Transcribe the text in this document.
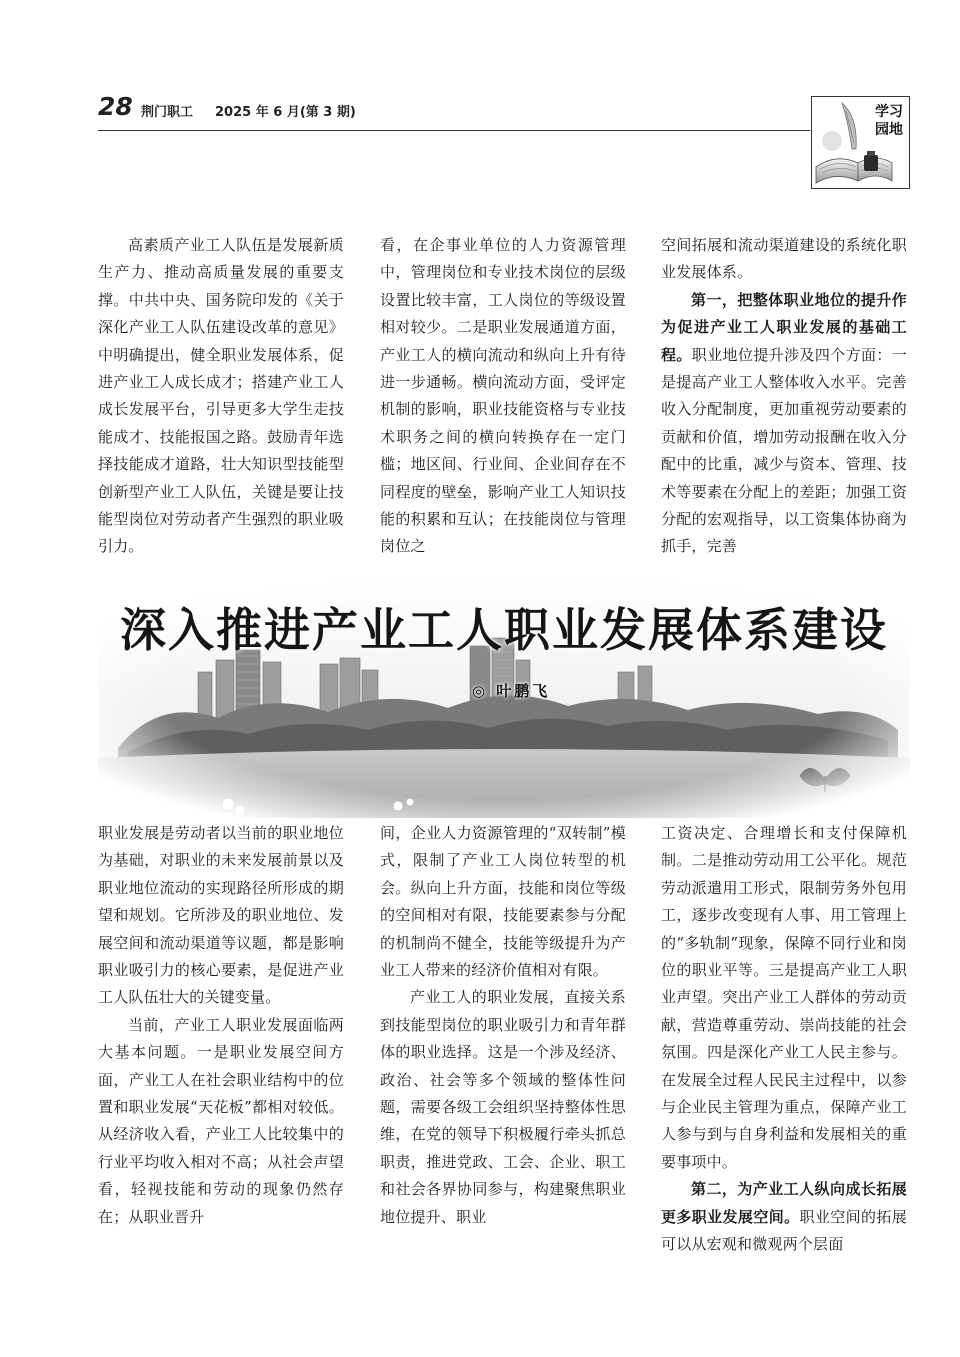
28 荆门职工 2025 年 6 月(第 3 期)	学习
园地

高素质产业工人队伍是发展新质生产力、推动高质量发展的重要支撑。中共中央、国务院印发的《关于深化产业工人队伍建设改革的意见》中明确提出，健全职业发展体系，促进产业工人成长成才；搭建产业工人成长发展平台，引导更多大学生走技能成才、技能报国之路。鼓励青年选择技能成才道路，壮大知识型技能型创新型产业工人队伍，关键是要让技能型岗位对劳动者产生强烈的职业吸引力。

看，在企事业单位的人力资源管理中，管理岗位和专业技术岗位的层级设置比较丰富，工人岗位的等级设置相对较少。二是职业发展通道方面，产业工人的横向流动和纵向上升有待进一步通畅。横向流动方面，受评定机制的影响，职业技能资格与专业技术职务之间的横向转换存在一定门槛；地区间、行业间、企业间存在不同程度的壁垒，影响产业工人知识技能的积累和互认；在技能岗位与管理岗位之

空间拓展和流动渠道建设的系统化职业发展体系。

第一，把整体职业地位的提升作为促进产业工人职业发展的基础工程。职业地位提升涉及四个方面：一是提高产业工人整体收入水平。完善收入分配制度，更加重视劳动要素的贡献和价值，增加劳动报酬在收入分配中的比重，减少与资本、管理、技术等要素在分配上的差距；加强工资分配的宏观指导，以工资集体协商为抓手，完善

深入推进产业工人职业发展体系建设
◎ 叶鹏飞

职业发展是劳动者以当前的职业地位为基础，对职业的未来发展前景以及职业地位流动的实现路径所形成的期望和规划。它所涉及的职业地位、发展空间和流动渠道等议题，都是影响职业吸引力的核心要素，是促进产业工人队伍壮大的关键变量。

当前，产业工人职业发展面临两大基本问题。一是职业发展空间方面，产业工人在社会职业结构中的位置和职业发展“天花板”都相对较低。从经济收入看，产业工人比较集中的行业平均收入相对不高；从社会声望看，轻视技能和劳动的现象仍然存在；从职业晋升

间，企业人力资源管理的“双转制”模式，限制了产业工人岗位转型的机会。纵向上升方面，技能和岗位等级的空间相对有限，技能要素参与分配的机制尚不健全，技能等级提升为产业工人带来的经济价值相对有限。

产业工人的职业发展，直接关系到技能型岗位的职业吸引力和青年群体的职业选择。这是一个涉及经济、政治、社会等多个领域的整体性问题，需要各级工会组织坚持整体性思维，在党的领导下积极履行牵头抓总职责，推进党政、工会、企业、职工和社会各界协同参与，构建聚焦职业地位提升、职业

工资决定、合理增长和支付保障机制。二是推动劳动用工公平化。规范劳动派遣用工形式，限制劳务外包用工，逐步改变现有人事、用工管理上的“多轨制”现象，保障不同行业和岗位的职业平等。三是提高产业工人职业声望。突出产业工人群体的劳动贡献，营造尊重劳动、崇尚技能的社会氛围。四是深化产业工人民主参与。在发展全过程人民民主过程中，以参与企业民主管理为重点，保障产业工人参与到与自身利益和发展相关的重要事项中。

第二，为产业工人纵向成长拓展更多职业发展空间。职业空间的拓展可以从宏观和微观两个层面
